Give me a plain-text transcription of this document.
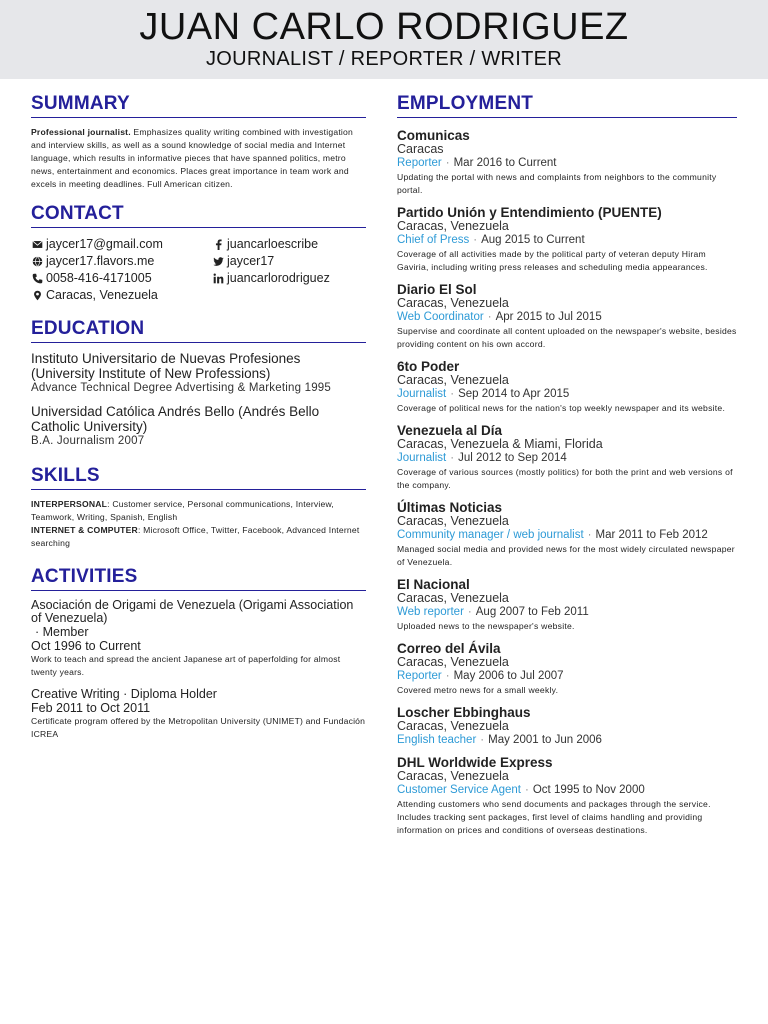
JUAN CARLO RODRIGUEZ
JOURNALIST / REPORTER / WRITER
SUMMARY
Professional journalist. Emphasizes quality writing combined with investigation and interview skills, as well as a sound knowledge of social media and Internet language, which results in informative pieces that have spanned politics, metro news, entertainment and economics. Places great importance in team work and excels in meeting deadlines. Full American citizen.
CONTACT
jaycer17@gmail.com
jaycer17.flavors.me
0058-416-4171005
Caracas, Venezuela
juancarloescribe
jaycer17
juancarlorodriguez
EDUCATION
Instituto Universitario de Nuevas Profesiones (University Institute of New Professions)
Advance Technical Degree Advertising & Marketing 1995
Universidad Católica Andrés Bello (Andrés Bello Catholic University)
B.A. Journalism 2007
SKILLS
INTERPERSONAL: Customer service, Personal communications, Interview, Teamwork, Writing, Spanish, English
INTERNET & COMPUTER: Microsoft Office, Twitter, Facebook, Advanced Internet searching
ACTIVITIES
Asociación de Origami de Venezuela (Origami Association of Venezuela)
· Member
Oct 1996 to Current
Work to teach and spread the ancient Japanese art of paperfolding for almost twenty years.
Creative Writing · Diploma Holder
Feb 2011 to Oct 2011
Certificate program offered by the Metropolitan University (UNIMET) and Fundación ICREA
EMPLOYMENT
Comunicas
Caracas
Reporter · Mar 2016 to Current
Updating the portal with news and complaints from neighbors to the community portal.
Partido Unión y Entendimiento (PUENTE)
Caracas, Venezuela
Chief of Press · Aug 2015 to Current
Coverage of all activities made by the political party of veteran deputy Hiram Gaviria, including writing press releases and scheduling media appearances.
Diario El Sol
Caracas, Venezuela
Web Coordinator · Apr 2015 to Jul 2015
Supervise and coordinate all content uploaded on the newspaper's website, besides providing content on his own accord.
6to Poder
Caracas, Venezuela
Journalist · Sep 2014 to Apr 2015
Coverage of political news for the nation's top weekly newspaper and its website.
Venezuela al Día
Caracas, Venezuela & Miami, Florida
Journalist · Jul 2012 to Sep 2014
Coverage of various sources (mostly politics) for both the print and web versions of the company.
Últimas Noticias
Caracas, Venezuela
Community manager / web journalist · Mar 2011 to Feb 2012
Managed social media and provided news for the most widely circulated newspaper of Venezuela.
El Nacional
Caracas, Venezuela
Web reporter · Aug 2007 to Feb 2011
Uploaded news to the newspaper's website.
Correo del Ávila
Caracas, Venezuela
Reporter · May 2006 to Jul 2007
Covered metro news for a small weekly.
Loscher Ebbinghaus
Caracas, Venezuela
English teacher · May 2001 to Jun 2006
DHL Worldwide Express
Caracas, Venezuela
Customer Service Agent · Oct 1995 to Nov 2000
Attending customers who send documents and packages through the service. Includes tracking sent packages, first level of claims handling and providing information on prices and conditions of overseas destinations.
